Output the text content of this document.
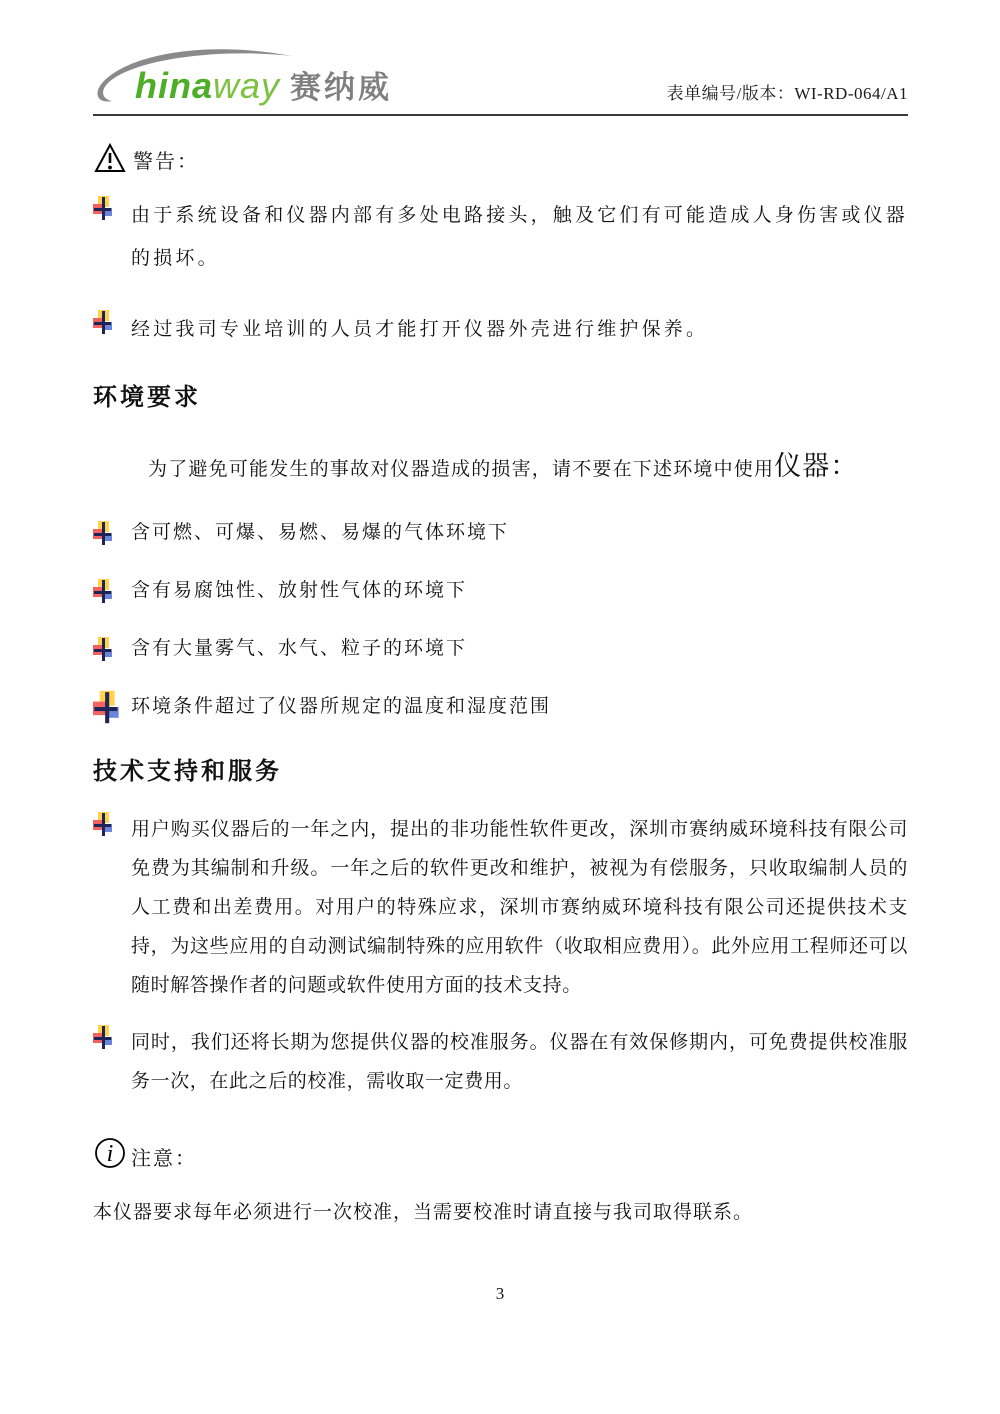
hinaway 赛纳威	表单编号/版本：WI-RD-064/A1
警告：

由于系统设备和仪器内部有多处电路接头，触及它们有可能造成人身伤害或仪器的损坏。

经过我司专业培训的人员才能打开仪器外壳进行维护保养。

环境要求

为了避免可能发生的事故对仪器造成的损害，请不要在下述环境中使用仪器：

含可燃、可爆、易燃、易爆的气体环境下

含有易腐蚀性、放射性气体的环境下

含有大量雾气、水气、粒子的环境下

环境条件超过了仪器所规定的温度和湿度范围

技术支持和服务

用户购买仪器后的一年之内，提出的非功能性软件更改，深圳市赛纳威环境科技有限公司免费为其编制和升级。一年之后的软件更改和维护，被视为有偿服务，只收取编制人员的人工费和出差费用。对用户的特殊应求，深圳市赛纳威环境科技有限公司还提供技术支持，为这些应用的自动测试编制特殊的应用软件（收取相应费用）。此外应用工程师还可以随时解答操作者的问题或软件使用方面的技术支持。

同时，我们还将长期为您提供仪器的校准服务。仪器在有效保修期内，可免费提供校准服务一次，在此之后的校准，需收取一定费用。

i 注意：

本仪器要求每年必须进行一次校准，当需要校准时请直接与我司取得联系。

3
